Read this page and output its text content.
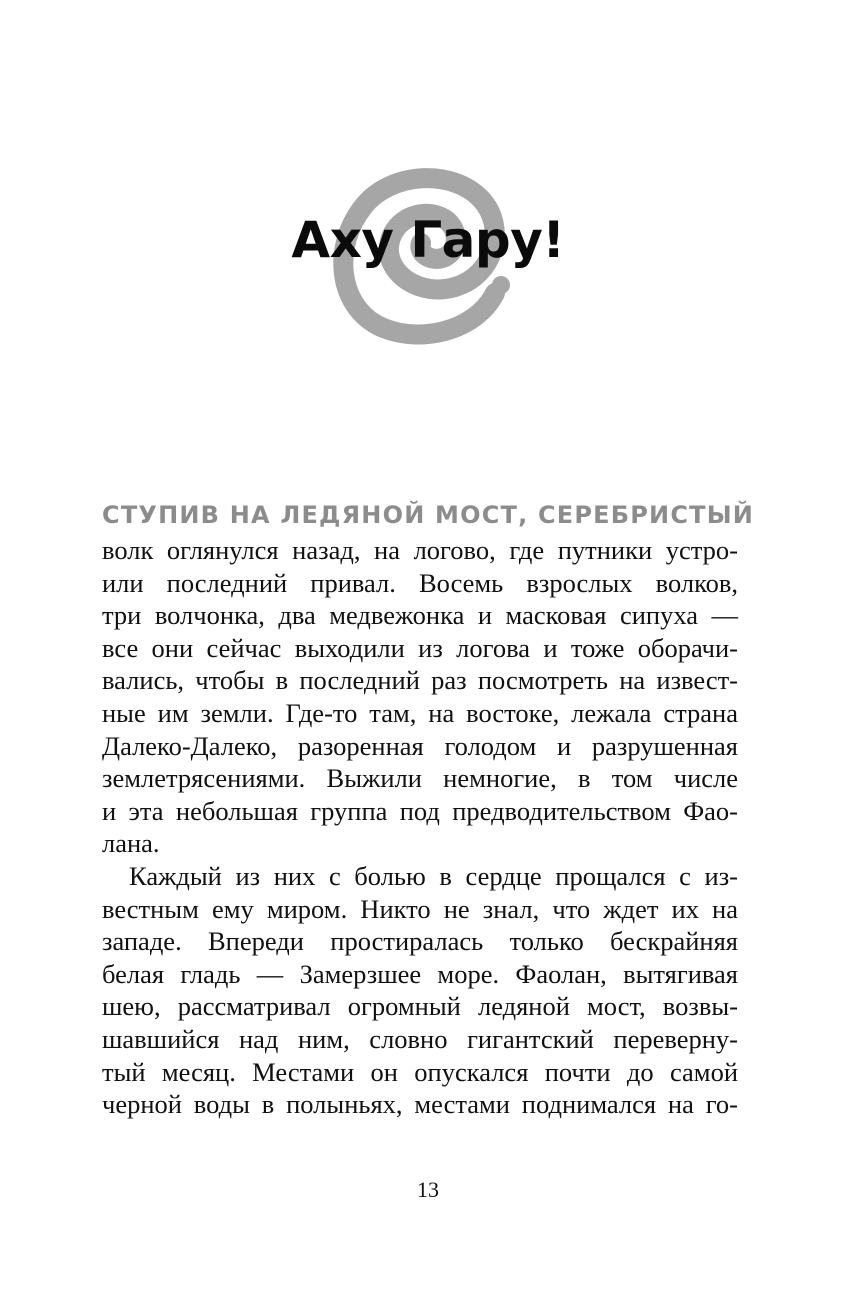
Аху Гару!
СТУПИВ НА ЛЕДЯНОЙ МОСТ, СЕРЕБРИСТЫЙ
волк оглянулся назад, на логово, где путники устро-
или последний привал. Восемь взрослых волков,
три волчонка, два медвежонка и масковая сипуха —
все они сейчас выходили из логова и тоже оборачи-
вались, чтобы в последний раз посмотреть на извест-
ные им земли. Где-то там, на востоке, лежала страна
Далеко-Далеко, разоренная голодом и разрушенная
землетрясениями. Выжили немногие, в том числе
и эта небольшая группа под предводительством Фао-
лана.
Каждый из них с болью в сердце прощался с из-
вестным ему миром. Никто не знал, что ждет их на
западе. Впереди простиралась только бескрайняя
белая гладь — Замерзшее море. Фаолан, вытягивая
шею, рассматривал огромный ледяной мост, возвы-
шавшийся над ним, словно гигантский переверну-
тый месяц. Местами он опускался почти до самой
черной воды в полыньях, местами поднимался на го-
13
